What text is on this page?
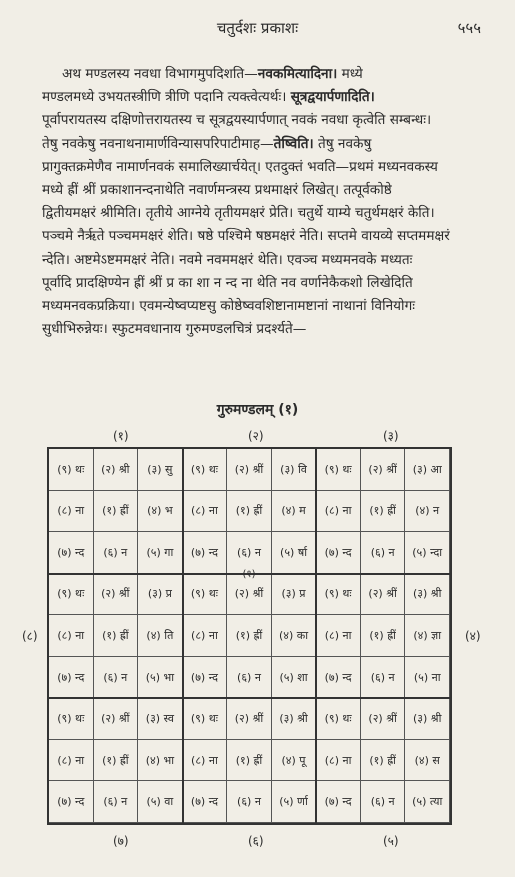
चतुर्दशः प्रकाशः	५५५
अथ मण्डलस्य नवधा विभागमुपदिशति—नवकमित्यादिना। मध्ये
मण्डलमध्ये उभयतस्त्रीणि त्रीणि पदानि त्यक्त्वेत्यर्थः। सूत्रद्वयार्पणादिति।
पूर्वापरायतस्य दक्षिणोत्तरायतस्य च सूत्रद्वयस्यार्पणात् नवकं नवधा कृत्वेति सम्बन्धः।
तेषु नवकेषु नवनाथनामार्णविन्यासपरिपाटीमाह—तेष्विति। तेषु नवकेषु
प्रागुक्तक्रमेणैव नामार्णनवकं समालिख्यार्चयेत्। एतदुक्तं भवति—प्रथमं मध्यनवकस्य
मध्ये ह्रीं श्रीं प्रकाशानन्दनाथेति नवार्णमन्त्रस्य प्रथमाक्षरं लिखेत्। तत्पूर्वकोष्ठे
द्वितीयमक्षरं श्रीमिति। तृतीये आग्नेये तृतीयमक्षरं प्रेति। चतुर्थे याम्ये चतुर्थमक्षरं केति।
पञ्चमे नैर्ऋते पञ्चममक्षरं शेति। षष्ठे पश्चिमे षष्ठमक्षरं नेति। सप्तमे वायव्ये सप्तममक्षरं
न्देति। अष्टमेऽष्टममक्षरं नेति। नवमे नवममक्षरं थेति। एवञ्च मध्यमनवके मध्यतः
पूर्वादि प्रादक्षिण्येन ह्रीं श्रीं प्र का शा न न्द ना थेति नव वर्णानेकैकशो लिखेदिति
मध्यमनवकप्रक्रिया। एवमन्येष्वप्यष्टसु कोष्ठेष्ववशिष्टानामष्टानां नाथानां विनियोगः
सुधीभिरुन्नेयः। स्फुटमवधानाय गुरुमण्डलचित्रं प्रदर्श्यते—
गुरुमण्डलम् (१)
(१)	(२)	(३)
(७)	(६)	(५)
(८)	(४)
(९) थः	(२) श्री	(३) सु	(९) थः	(२) श्रीं	(३) वि	(९) थः	(२) श्रीं	(३) आ
(८) ना	(१) ह्रीं	(४) भ	(८) ना	(१) ह्रीं	(४) म	(८) ना	(१) ह्रीं	(४) न
(७) न्द	(६) न	(५) गा	(७) न्द	(६) न	(५) र्षा	(७) न्द	(६) न	(५) न्दा
(९) थः	(२) श्रीं	(३) प्र	(९) थः	(२) श्रीं	(३) प्र	(९) थः	(२) श्रीं	(३) श्री
(८) ना	(१) ह्रीं	(४) ति	(८) ना	(१) ह्रीं	(४) का	(८) ना	(१) ह्रीं	(४) ज्ञा
(७) न्द	(६) न	(५) भा	(७) न्द	(६) न	(५) शा	(७) न्द	(६) न	(५) ना
(९) थः	(२) श्रीं	(३) स्व	(९) थः	(२) श्रीं	(३) श्री	(९) थः	(२) श्रीं	(३) श्री
(८) ना	(१) ह्रीं	(४) भा	(८) ना	(१) ह्रीं	(४) पू	(८) ना	(१) ह्रीं	(४) स
(७) न्द	(६) न	(५) वा	(७) न्द	(६) न	(५) र्णा	(७) न्द	(६) न	(५) त्या
(१)
